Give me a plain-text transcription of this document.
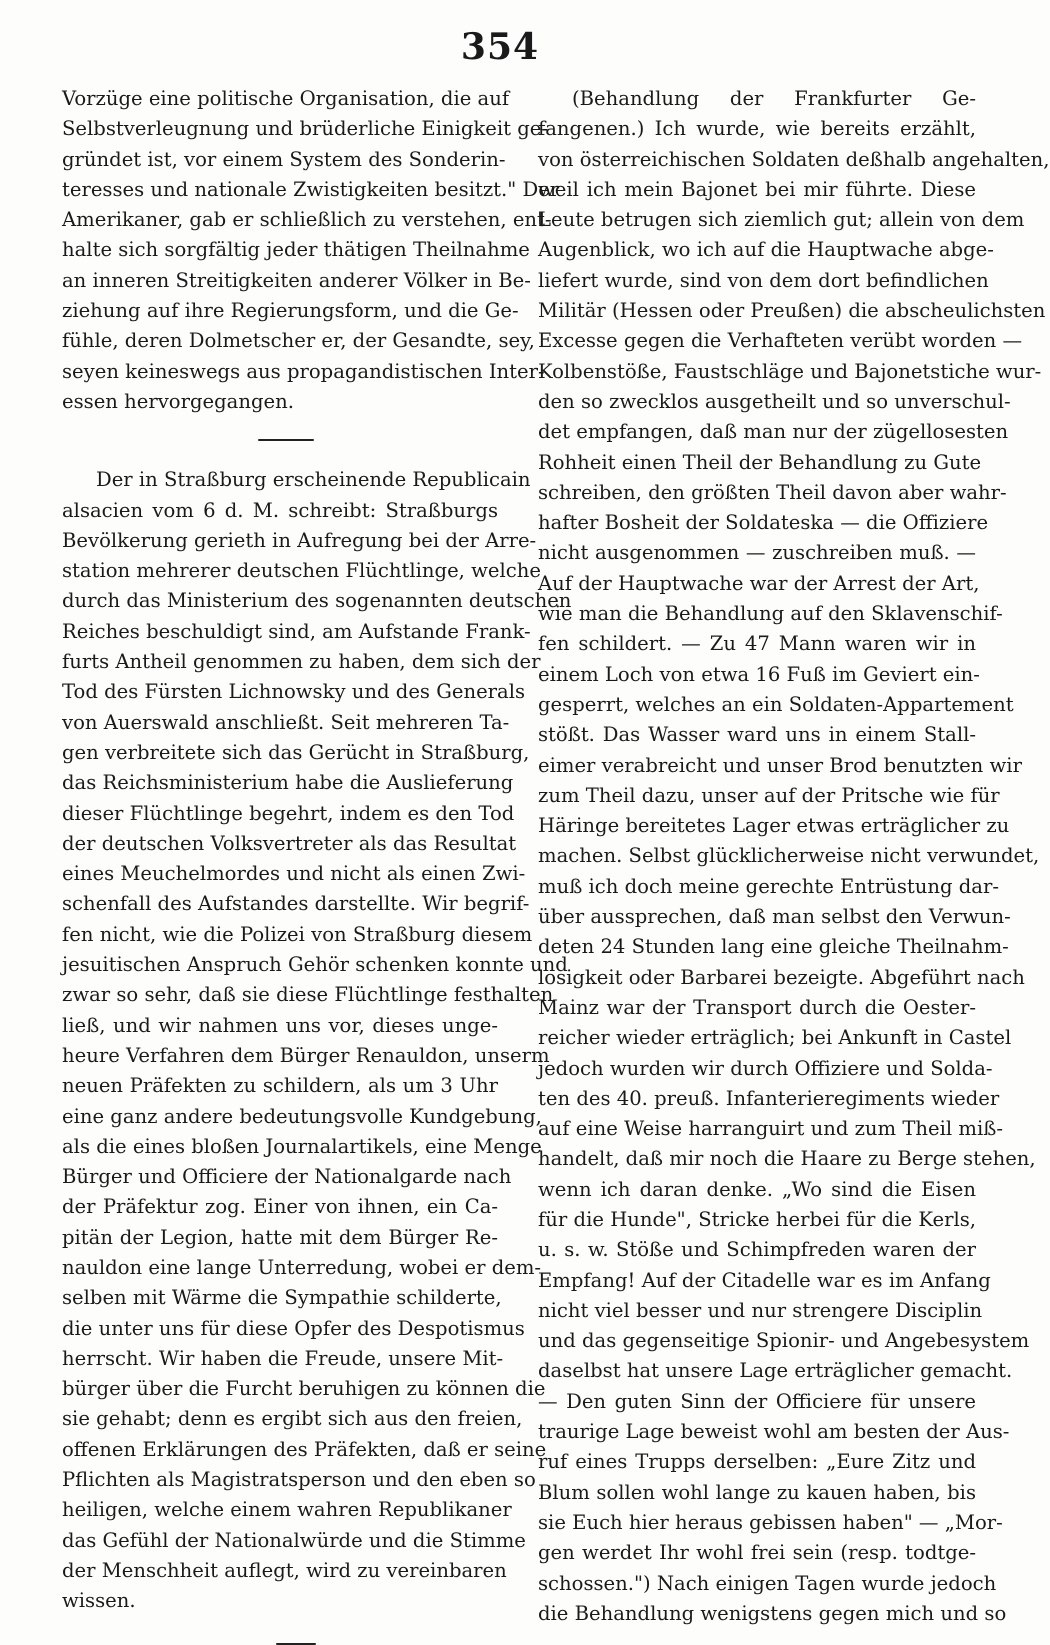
354
Vorzüge eine politische Organisation, die auf
Selbstverleugnung und brüderliche Einigkeit ge-
gründet ist, vor einem System des Sonderin-
teresses und nationale Zwistigkeiten besitzt." Der
Amerikaner, gab er schließlich zu verstehen, ent-
halte sich sorgfältig jeder thätigen Theilnahme
an inneren Streitigkeiten anderer Völker in Be-
ziehung auf ihre Regierungsform, und die Ge-
fühle, deren Dolmetscher er, der Gesandte, sey,
seyen keineswegs aus propagandistischen Inter-
essen hervorgegangen.
Der in Straßburg erscheinende Republicain
alsacien vom 6 d. M. schreibt: Straßburgs
Bevölkerung gerieth in Aufregung bei der Arre-
station mehrerer deutschen Flüchtlinge, welche
durch das Ministerium des sogenannten deutschen
Reiches beschuldigt sind, am Aufstande Frank-
furts Antheil genommen zu haben, dem sich der
Tod des Fürsten Lichnowsky und des Generals
von Auerswald anschließt. Seit mehreren Ta-
gen verbreitete sich das Gerücht in Straßburg,
das Reichsministerium habe die Auslieferung
dieser Flüchtlinge begehrt, indem es den Tod
der deutschen Volksvertreter als das Resultat
eines Meuchelmordes und nicht als einen Zwi-
schenfall des Aufstandes darstellte. Wir begrif-
fen nicht, wie die Polizei von Straßburg diesem
jesuitischen Anspruch Gehör schenken konnte und
zwar so sehr, daß sie diese Flüchtlinge festhalten
ließ, und wir nahmen uns vor, dieses unge-
heure Verfahren dem Bürger Renauldon, unserm
neuen Präfekten zu schildern, als um 3 Uhr
eine ganz andere bedeutungsvolle Kundgebung,
als die eines bloßen Journalartikels, eine Menge
Bürger und Officiere der Nationalgarde nach
der Präfektur zog. Einer von ihnen, ein Ca-
pitän der Legion, hatte mit dem Bürger Re-
nauldon eine lange Unterredung, wobei er dem-
selben mit Wärme die Sympathie schilderte,
die unter uns für diese Opfer des Despotismus
herrscht. Wir haben die Freude, unsere Mit-
bürger über die Furcht beruhigen zu können die
sie gehabt; denn es ergibt sich aus den freien,
offenen Erklärungen des Präfekten, daß er seine
Pflichten als Magistratsperson und den eben so
heiligen, welche einem wahren Republikaner
das Gefühl der Nationalwürde und die Stimme
der Menschheit auflegt, wird zu vereinbaren
wissen.
(Behandlung der Frankfurter Ge-
fangenen.) Ich wurde, wie bereits erzählt,
von österreichischen Soldaten deßhalb angehalten,
weil ich mein Bajonet bei mir führte. Diese
Leute betrugen sich ziemlich gut; allein von dem
Augenblick, wo ich auf die Hauptwache abge-
liefert wurde, sind von dem dort befindlichen
Militär (Hessen oder Preußen) die abscheulichsten
Excesse gegen die Verhafteten verübt worden —
Kolbenstöße, Faustschläge und Bajonetstiche wur-
den so zwecklos ausgetheilt und so unverschul-
det empfangen, daß man nur der zügellosesten
Rohheit einen Theil der Behandlung zu Gute
schreiben, den größten Theil davon aber wahr-
hafter Bosheit der Soldateska — die Offiziere
nicht ausgenommen — zuschreiben muß. —
Auf der Hauptwache war der Arrest der Art,
wie man die Behandlung auf den Sklavenschif-
fen schildert. — Zu 47 Mann waren wir in
einem Loch von etwa 16 Fuß im Geviert ein-
gesperrt, welches an ein Soldaten-Appartement
stößt. Das Wasser ward uns in einem Stall-
eimer verabreicht und unser Brod benutzten wir
zum Theil dazu, unser auf der Pritsche wie für
Häringe bereitetes Lager etwas erträglicher zu
machen. Selbst glücklicherweise nicht verwundet,
muß ich doch meine gerechte Entrüstung dar-
über aussprechen, daß man selbst den Verwun-
deten 24 Stunden lang eine gleiche Theilnahm-
losigkeit oder Barbarei bezeigte. Abgeführt nach
Mainz war der Transport durch die Oester-
reicher wieder erträglich; bei Ankunft in Castel
jedoch wurden wir durch Offiziere und Solda-
ten des 40. preuß. Infanterieregiments wieder
auf eine Weise harranguirt und zum Theil miß-
handelt, daß mir noch die Haare zu Berge stehen,
wenn ich daran denke. „Wo sind die Eisen
für die Hunde", Stricke herbei für die Kerls,
u. s. w. Stöße und Schimpfreden waren der
Empfang! Auf der Citadelle war es im Anfang
nicht viel besser und nur strengere Disciplin
und das gegenseitige Spionir- und Angebesystem
daselbst hat unsere Lage erträglicher gemacht.
— Den guten Sinn der Officiere für unsere
traurige Lage beweist wohl am besten der Aus-
ruf eines Trupps derselben: „Eure Zitz und
Blum sollen wohl lange zu kauen haben, bis
sie Euch hier heraus gebissen haben" — „Mor-
gen werdet Ihr wohl frei sein (resp. todtge-
schossen.") Nach einigen Tagen wurde jedoch
die Behandlung wenigstens gegen mich und so
